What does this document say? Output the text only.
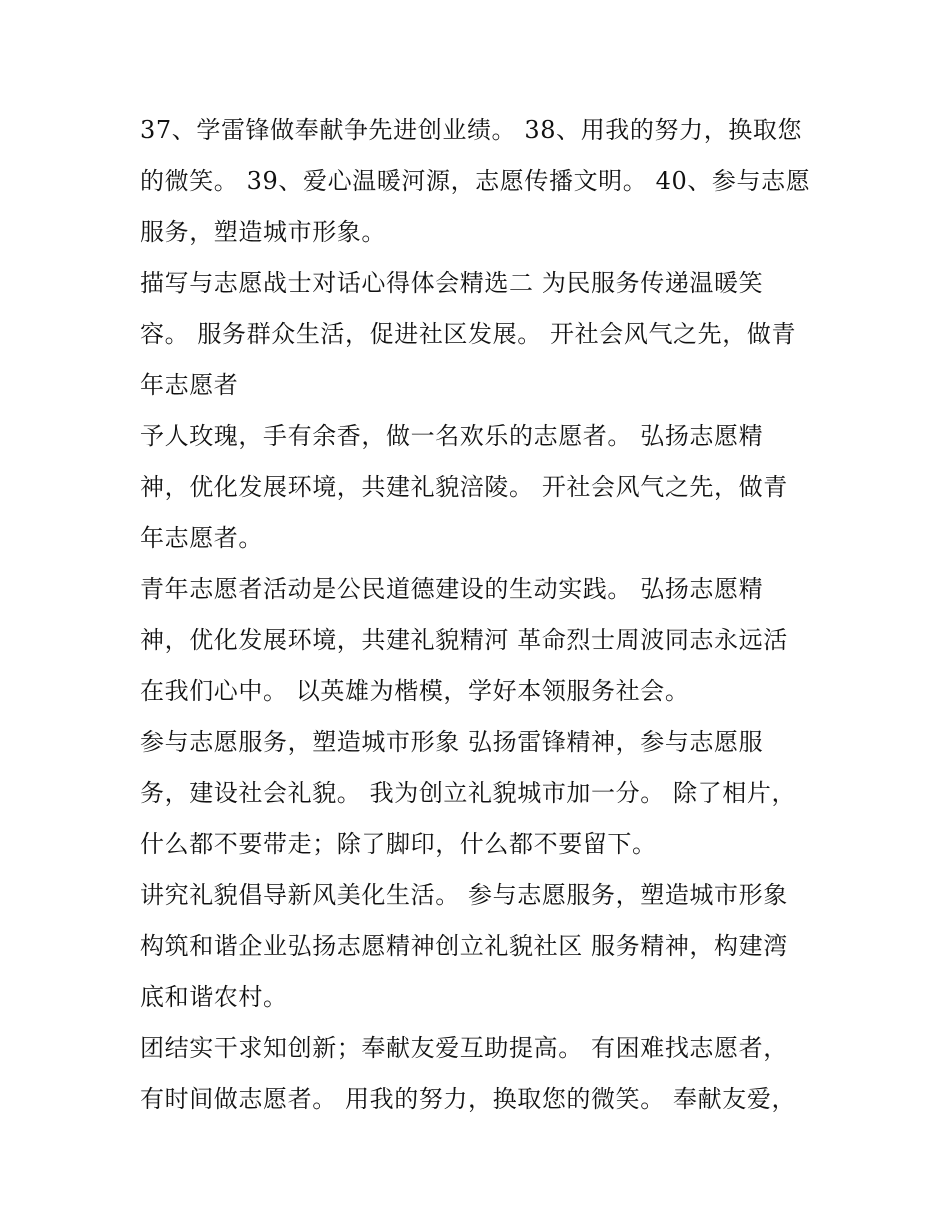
37、学雷锋做奉献争先进创业绩。 38、用我的努力，换取您
的微笑。 39、爱心温暖河源，志愿传播文明。 40、参与志愿
服务，塑造城市形象。
描写与志愿战士对话心得体会精选二 为民服务传递温暖笑
容。 服务群众生活，促进社区发展。 开社会风气之先，做青
年志愿者
予人玫瑰，手有余香，做一名欢乐的志愿者。 弘扬志愿精
神，优化发展环境，共建礼貌涪陵。 开社会风气之先，做青
年志愿者。
青年志愿者活动是公民道德建设的生动实践。 弘扬志愿精
神，优化发展环境，共建礼貌精河 革命烈士周波同志永远活
在我们心中。 以英雄为楷模，学好本领服务社会。
参与志愿服务，塑造城市形象 弘扬雷锋精神，参与志愿服
务，建设社会礼貌。 我为创立礼貌城市加一分。 除了相片，
什么都不要带走；除了脚印，什么都不要留下。
讲究礼貌倡导新风美化生活。 参与志愿服务，塑造城市形象
构筑和谐企业弘扬志愿精神创立礼貌社区 服务精神，构建湾
底和谐农村。
团结实干求知创新；奉献友爱互助提高。 有困难找志愿者，
有时间做志愿者。 用我的努力，换取您的微笑。 奉献友爱，
